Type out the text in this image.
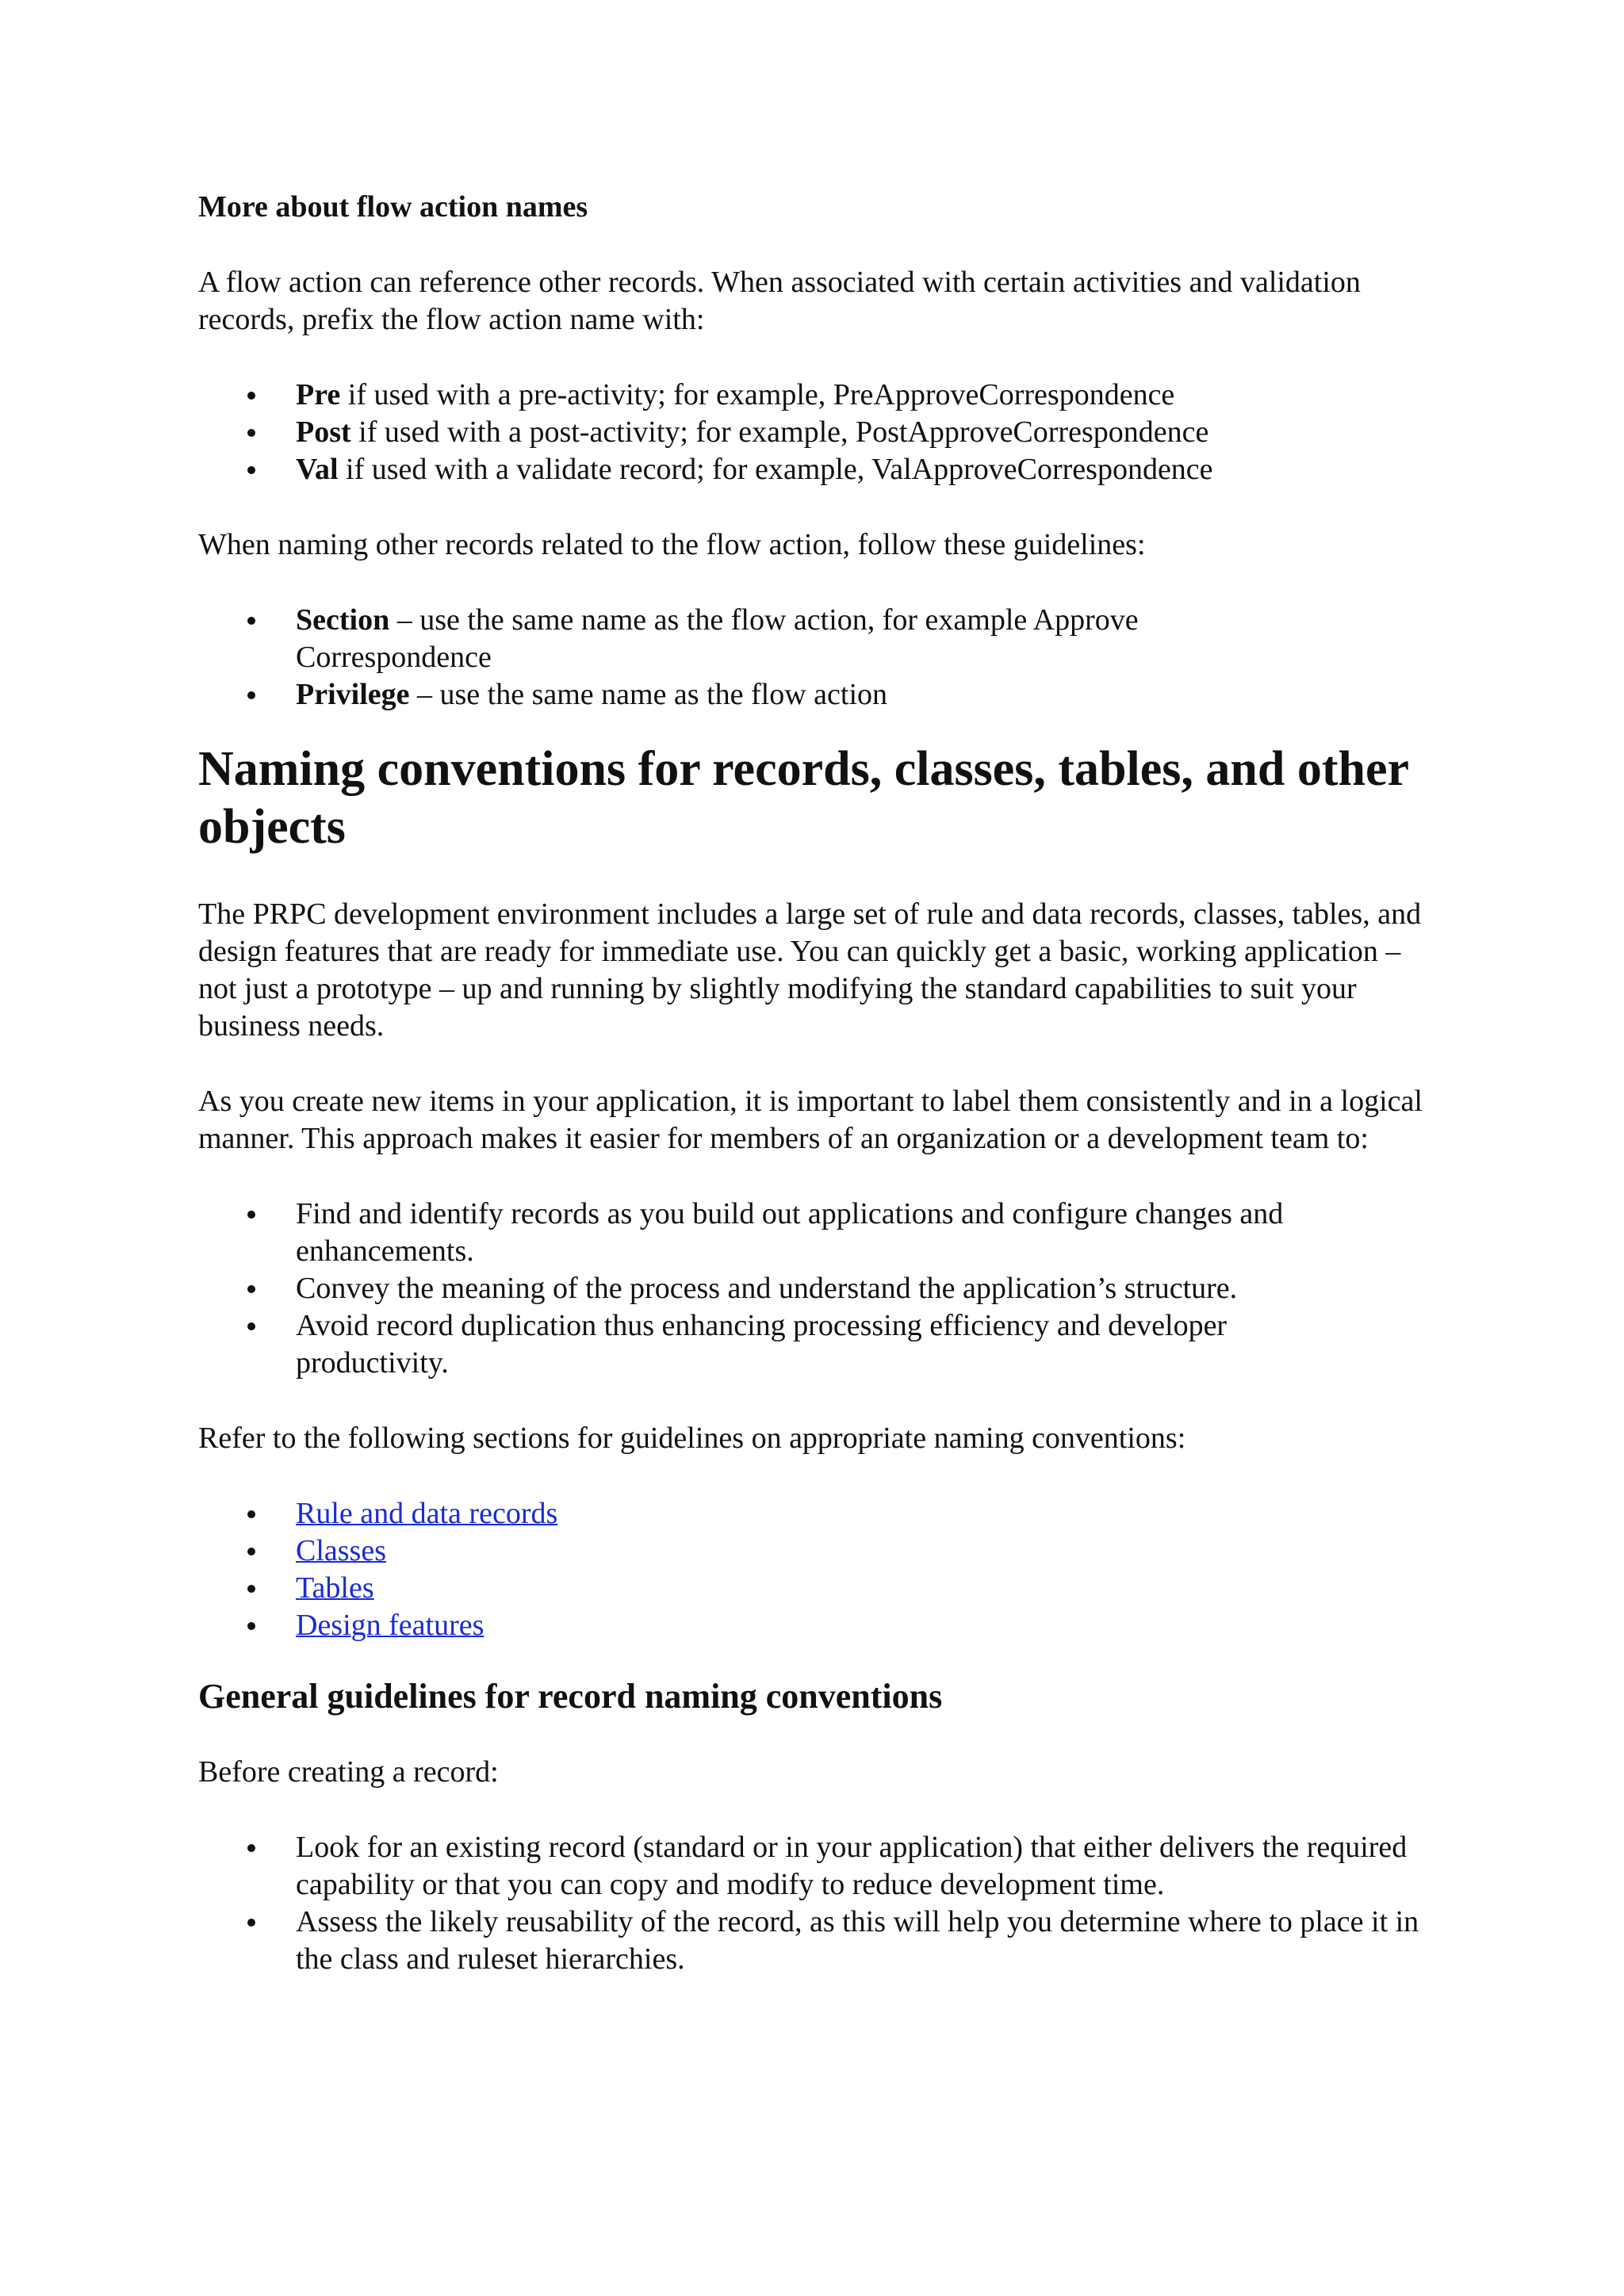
More about flow action names

A flow action can reference other records. When associated with certain activities and validation records, prefix the flow action name with:

Pre if used with a pre-activity; for example, PreApproveCorrespondence
Post if used with a post-activity; for example, PostApproveCorrespondence
Val if used with a validate record; for example, ValApproveCorrespondence

When naming other records related to the flow action, follow these guidelines:

Section – use the same name as the flow action, for example Approve Correspondence
Privilege – use the same name as the flow action

Naming conventions for records, classes, tables, and other objects

The PRPC development environment includes a large set of rule and data records, classes, tables, and design features that are ready for immediate use. You can quickly get a basic, working application – not just a prototype – up and running by slightly modifying the standard capabilities to suit your business needs.

As you create new items in your application, it is important to label them consistently and in a logical manner. This approach makes it easier for members of an organization or a development team to:

Find and identify records as you build out applications and configure changes and enhancements.
Convey the meaning of the process and understand the application’s structure.
Avoid record duplication thus enhancing processing efficiency and developer productivity.

Refer to the following sections for guidelines on appropriate naming conventions:

Rule and data records
Classes
Tables
Design features

General guidelines for record naming conventions

Before creating a record:

Look for an existing record (standard or in your application) that either delivers the required capability or that you can copy and modify to reduce development time.
Assess the likely reusability of the record, as this will help you determine where to place it in the class and ruleset hierarchies.
